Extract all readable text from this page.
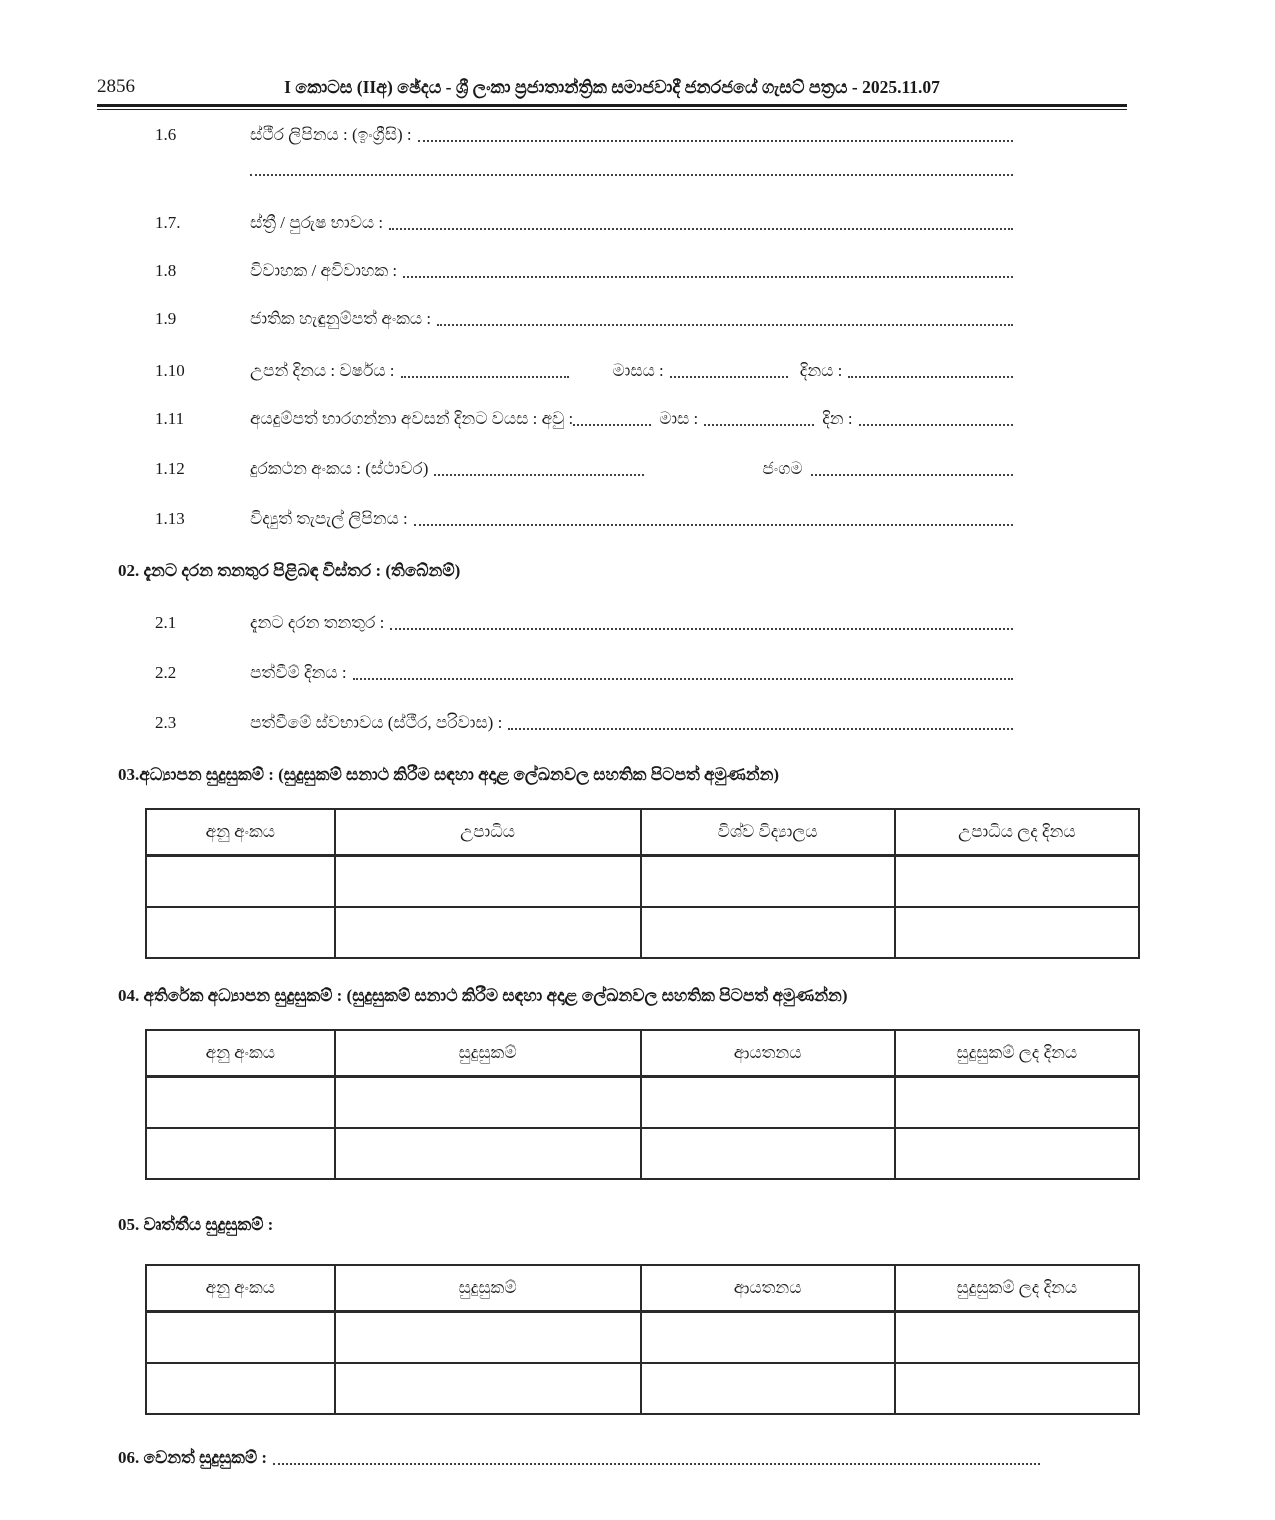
2856	I කොටස (IIඅ) ඡේදය - ශ්‍රී ලංකා ප්‍රජාතාන්ත්‍රික සමාජවාදී ජනරජයේ ගැසට් පත්‍රය - 2025.11.07
1.6	ස්ථීර ලිපිනය : (ඉංග්‍රීසි) :
1.7.	ස්ත්‍රී / පුරුෂ භාවය :
1.8	විවාහක / අවිවාහක :
1.9	ජාතික හැඳුනුම්පත් අංකය :
1.10	උපන් දිනය : වර්ෂය :	මාසය :	දිනය :
1.11	අයදුම්පත් භාරගන්නා අවසන් දිනට වයස : අවු :	මාස :	දින :
1.12	දුරකථන අංකය : (ස්ථාවර)	ජංගම
1.13	විද්‍යුත් තැපැල් ලිපිනය :
02. දැනට දරන තනතුර පිළිබඳ විස්තර : (තිබේනම්)
2.1	දැනට දරන තනතුර :
2.2	පත්වීම් දිනය :
2.3	පත්වීමේ ස්වභාවය (ස්ථීර, පරිවාස) :
03.අධ්‍යාපන සුදුසුකම් : (සුදුසුකම් සනාථ කිරීම සඳහා අදාළ ලේඛනවල සහතික පිටපත් අමුණන්න)
අනු අංකය	උපාධිය	විශ්ව විද්‍යාලය	උපාධිය ලද දිනය

04. අතිරේක අධ්‍යාපන සුදුසුකම් : (සුදුසුකම් සනාථ කිරීම සඳහා අදාළ ලේඛනවල සහතික පිටපත් අමුණන්න)
අනු අංකය	සුදුසුකම්	ආයතනය	සුදුසුකම් ලද දිනය

05. වෘත්තීය සුදුසුකම් :
අනු අංකය	සුදුසුකම්	ආයතනය	සුදුසුකම් ලද දිනය

06. වෙනත් සුදුසුකම් :
